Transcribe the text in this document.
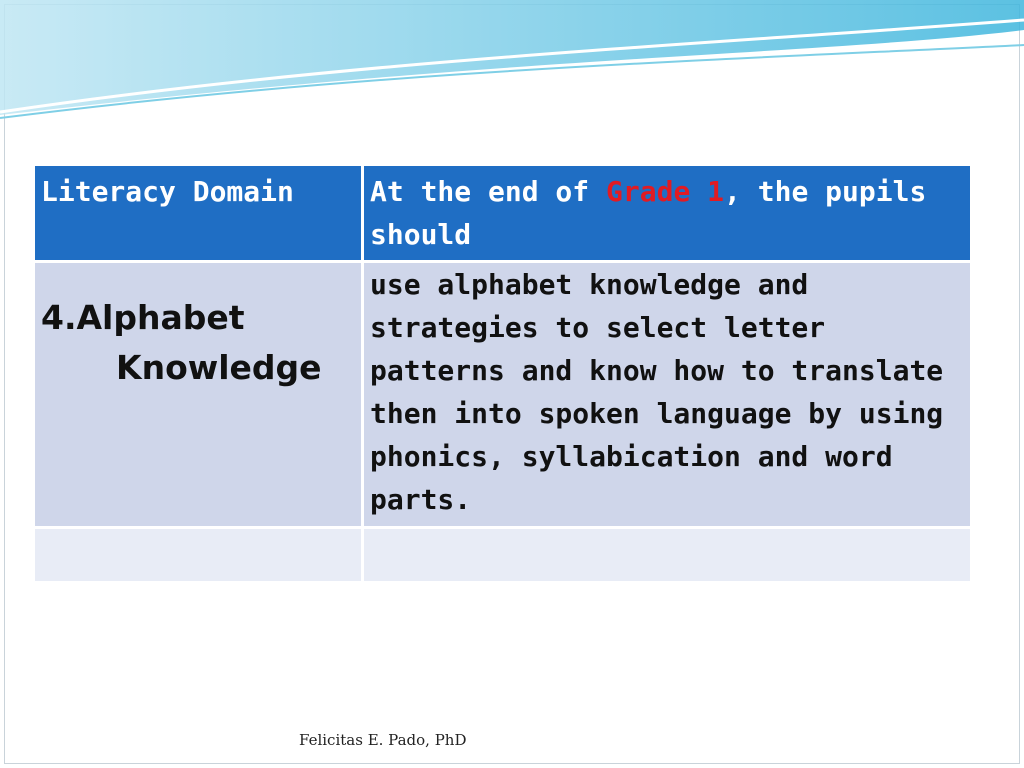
Literacy Domain	At the end of Grade 1, the pupils should

4.Alphabet
Knowledge	use alphabet knowledge and strategies to select letter patterns and know how to translate then into spoken language by using phonics, syllabication and word parts.

Felicitas E. Pado, PhD
